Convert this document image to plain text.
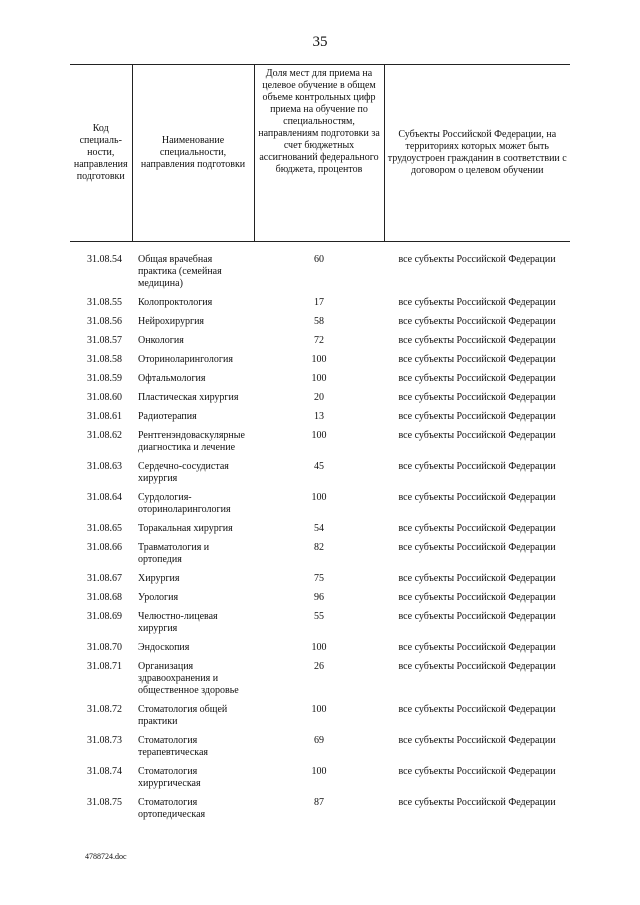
35
Код специаль-ности, направления подготовки	Наименование специальности, направления подготовки	Доля мест для приема на целевое обучение в общем объеме контрольных цифр приема на обучение по специальностям, направлениям подготовки за счет бюджетных ассигнований федерального бюджета, процентов	Субъекты Российской Федерации, на территориях которых может быть трудоустроен гражданин в соответствии с договором о целевом обучении
31.08.54	Общая врачебная практика (семейная медицина)	60	все субъекты Российской Федерации
31.08.55	Колопроктология	17	все субъекты Российской Федерации
31.08.56	Нейрохирургия	58	все субъекты Российской Федерации
31.08.57	Онкология	72	все субъекты Российской Федерации
31.08.58	Оториноларингология	100	все субъекты Российской Федерации
31.08.59	Офтальмология	100	все субъекты Российской Федерации
31.08.60	Пластическая хирургия	20	все субъекты Российской Федерации
31.08.61	Радиотерапия	13	все субъекты Российской Федерации
31.08.62	Рентгенэндоваскулярные диагностика и лечение	100	все субъекты Российской Федерации
31.08.63	Сердечно-сосудистая хирургия	45	все субъекты Российской Федерации
31.08.64	Сурдология-оториноларингология	100	все субъекты Российской Федерации
31.08.65	Торакальная хирургия	54	все субъекты Российской Федерации
31.08.66	Травматология и ортопедия	82	все субъекты Российской Федерации
31.08.67	Хирургия	75	все субъекты Российской Федерации
31.08.68	Урология	96	все субъекты Российской Федерации
31.08.69	Челюстно-лицевая хирургия	55	все субъекты Российской Федерации
31.08.70	Эндоскопия	100	все субъекты Российской Федерации
31.08.71	Организация здравоохранения и общественное здоровье	26	все субъекты Российской Федерации
31.08.72	Стоматология общей практики	100	все субъекты Российской Федерации
31.08.73	Стоматология терапевтическая	69	все субъекты Российской Федерации
31.08.74	Стоматология хирургическая	100	все субъекты Российской Федерации
31.08.75	Стоматология ортопедическая	87	все субъекты Российской Федерации
4788724.doc
